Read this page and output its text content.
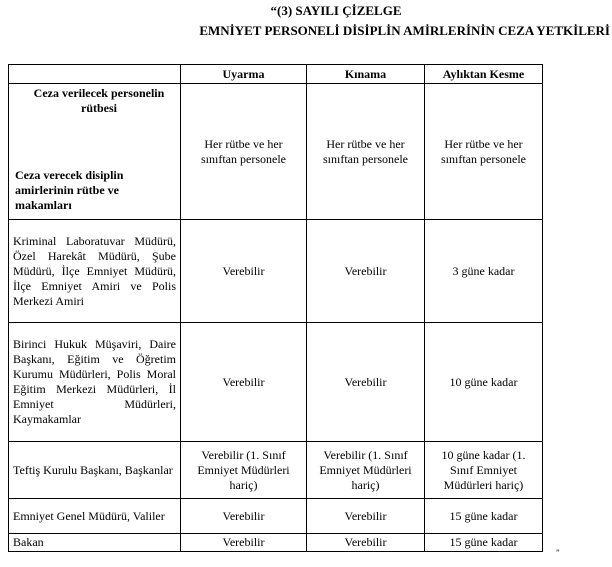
“(3) SAYILI ÇİZELGE
EMNİYET PERSONELİ DİSİPLİN AMİRLERİNİN CEZA YETKİLERİ
	Uyarma	Kınama	Aylıktan Kesme

Ceza verilecek personelin rütbesi
Ceza verecek disiplin amirlerinin rütbe ve makamları	Her rütbe ve her sınıftan personele	Her rütbe ve her sınıftan personele	Her rütbe ve her sınıftan personele
Kriminal Laboratuvar Müdürü, Özel Harekât Müdürü, Şube Müdürü, İlçe Emniyet Müdürü, İlçe Emniyet Amiri ve Polis Merkezi Amiri	Verebilir	Verebilir	3 güne kadar
Birinci Hukuk Müşaviri, Daire Başkanı, Eğitim ve Öğretim Kurumu Müdürleri, Polis Moral Eğitim Merkezi Müdürleri, İl Emniyet Müdürleri, Kaymakamlar	Verebilir	Verebilir	10 güne kadar
Teftiş Kurulu Başkanı, Başkanlar	Verebilir (1. Sınıf Emniyet Müdürleri hariç)	Verebilir (1. Sınıf Emniyet Müdürleri hariç)	10 güne kadar (1. Sınıf Emniyet Müdürleri hariç)
Emniyet Genel Müdürü, Valiler	Verebilir	Verebilir	15 güne kadar
Bakan	Verebilir	Verebilir	15 güne kadar
”
